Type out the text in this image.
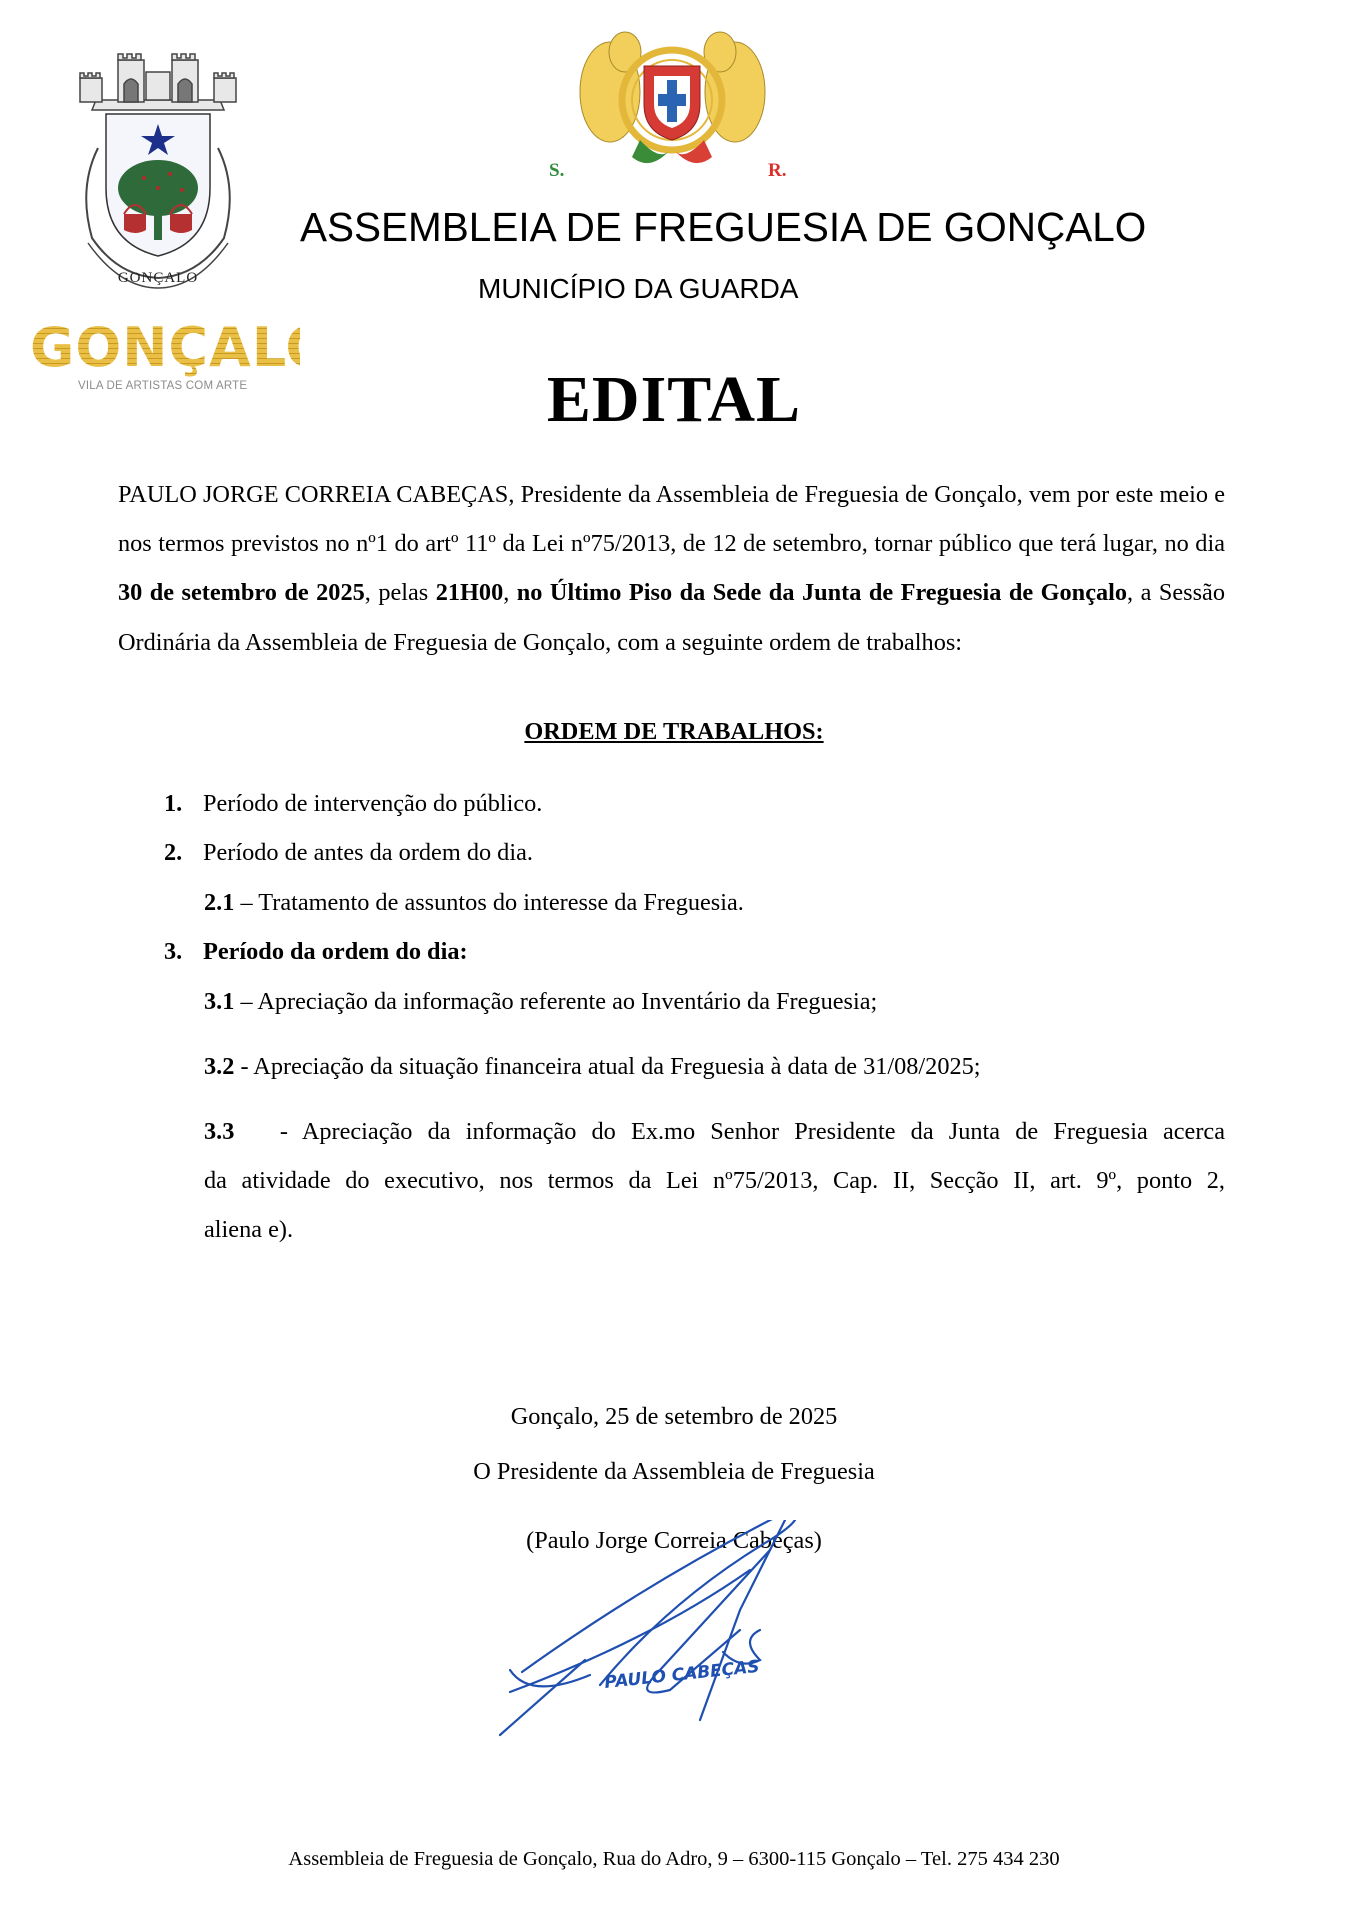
GONÇALO
S.	R.
GONÇALO
VILA DE ARTISTAS COM ARTE
ASSEMBLEIA DE FREGUESIA DE GONÇALO
MUNICÍPIO DA GUARDA
EDITAL
PAULO JORGE CORREIA CABEÇAS, Presidente da Assembleia de Freguesia de Gonçalo, vem por este meio e nos termos previstos no nº1 do artº 11º da Lei nº75/2013, de 12 de setembro, tornar público que terá lugar, no dia 30 de setembro de 2025, pelas 21H00, no Último Piso da Sede da Junta de Freguesia de Gonçalo, a Sessão Ordinária da Assembleia de Freguesia de Gonçalo, com a seguinte ordem de trabalhos:
ORDEM DE TRABALHOS:
1. Período de intervenção do público.
2. Período de antes da ordem do dia.
2.1 – Tratamento de assuntos do interesse da Freguesia.
3. Período da ordem do dia:
3.1 – Apreciação da informação referente ao Inventário da Freguesia;
3.2 - Apreciação da situação financeira atual da Freguesia à data de 31/08/2025;
3.3   - Apreciação da informação do Ex.mo Senhor Presidente da Junta de Freguesia acerca
da atividade do executivo, nos termos da Lei nº75/2013, Cap. II, Secção II, art. 9º, ponto 2,
aliena e).
Gonçalo, 25 de setembro de 2025
O Presidente da Assembleia de Freguesia
(Paulo Jorge Correia Cabeças)
PAULO CABEÇAS
Assembleia de Freguesia de Gonçalo, Rua do Adro, 9 – 6300-115 Gonçalo – Tel. 275 434 230
